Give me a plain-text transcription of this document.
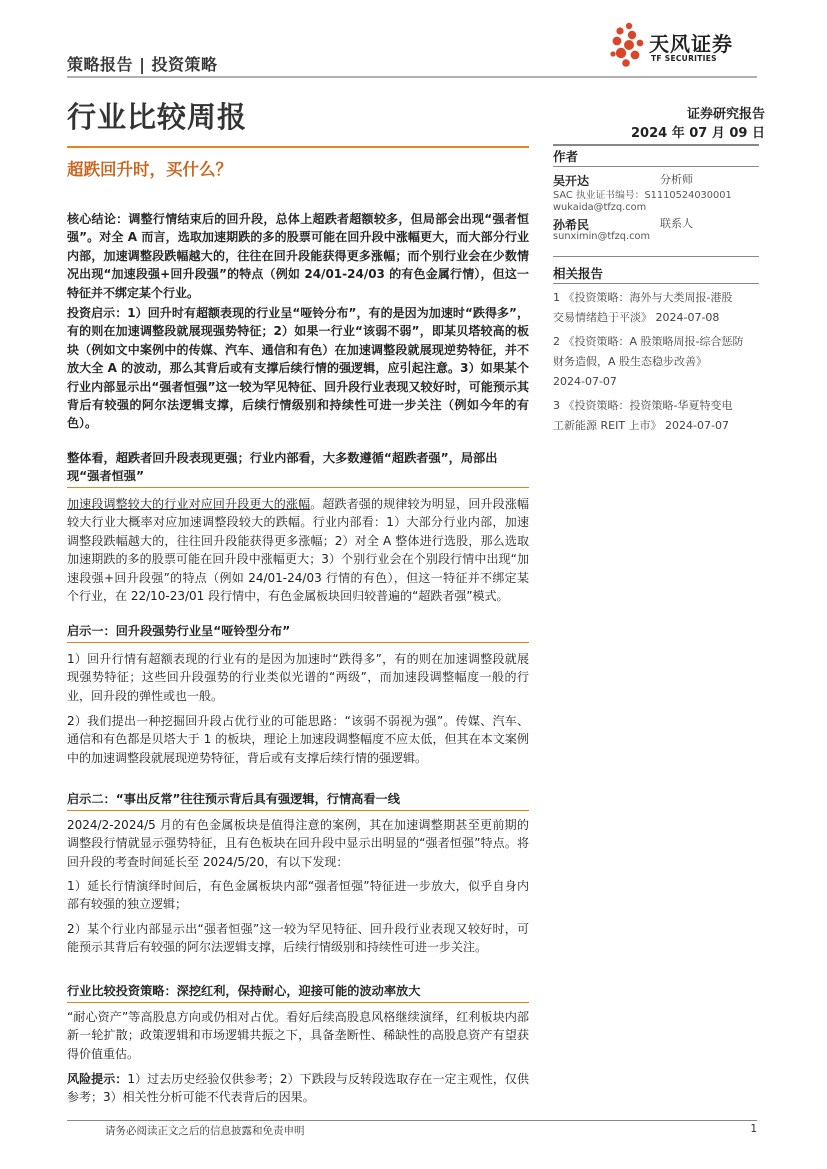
策略报告 | 投资策略
天风证券
TF SECURITIES
行业比较周报	证券研究报告
2024 年 07 月 09 日
超跌回升时，买什么？
作者
吴开达	分析师
SAC 执业证书编号：S1110524030001
wukaida@tfzq.com
孙希民	联系人
sunximin@tfzq.com
相关报告
1 《投资策略：海外与大类周报-港股
交易情绪趋于平淡》 2024-07-08
2 《投资策略：A 股策略周报-综合惩防
财务造假，A 股生态稳步改善》
2024-07-07
3 《投资策略：投资策略-华夏特变电
工新能源 REIT 上市》 2024-07-07
核心结论：调整行情结束后的回升段，总体上超跌者超额较多，但局部会出现“强者恒强”。对全 A 而言，选取加速期跌的多的股票可能在回升段中涨幅更大，而大部分行业内部，加速调整段跌幅越大的，往往在回升段能获得更多涨幅；而个别行业会在少数情况出现“加速段强+回升段强”的特点（例如 24/01-24/03 的有色金属行情），但这一特征并不绑定某个行业。
投资启示：1）回升时有超额表现的行业呈“哑铃分布”，有的是因为加速时“跌得多”，有的则在加速调整段就展现强势特征；2）如果一行业“该弱不弱”，即某贝塔较高的板块（例如文中案例中的传媒、汽车、通信和有色）在加速调整段就展现逆势特征，并不放大全 A 的波动，那么其背后或有支撑后续行情的强逻辑，应引起注意。3）如果某个行业内部显示出“强者恒强”这一较为罕见特征、回升段行业表现又较好时，可能预示其背后有较强的阿尔法逻辑支撑，后续行情级别和持续性可进一步关注（例如今年的有色）。
整体看，超跌者回升段表现更强；行业内部看，大多数遵循“超跌者强”，局部出现“强者恒强”
加速段调整较大的行业对应回升段更大的涨幅。超跌者强的规律较为明显，回升段涨幅较大行业大概率对应加速调整段较大的跌幅。行业内部看：1）大部分行业内部，加速调整段跌幅越大的，往往回升段能获得更多涨幅；2）对全 A 整体进行选股，那么选取加速期跌的多的股票可能在回升段中涨幅更大；3）个别行业会在个别段行情中出现“加速段强+回升段强”的特点（例如 24/01-24/03 行情的有色），但这一特征并不绑定某个行业，在 22/10-23/01 段行情中，有色金属板块回归较普遍的“超跌者强”模式。
启示一：回升段强势行业呈“哑铃型分布”
1）回升行情有超额表现的行业有的是因为加速时“跌得多”，有的则在加速调整段就展现强势特征；这些回升段强势的行业类似光谱的“两级”，而加速段调整幅度一般的行业，回升段的弹性或也一般。
2）我们提出一种挖掘回升段占优行业的可能思路：“该弱不弱视为强”。传媒、汽车、通信和有色都是贝塔大于 1 的板块，理论上加速段调整幅度不应太低，但其在本文案例中的加速调整段就展现逆势特征，背后或有支撑后续行情的强逻辑。
启示二：“事出反常”往往预示背后具有强逻辑，行情高看一线
2024/2-2024/5 月的有色金属板块是值得注意的案例，其在加速调整期甚至更前期的调整段行情就显示强势特征，且有色板块在回升段中显示出明显的“强者恒强”特点。将回升段的考查时间延长至 2024/5/20，有以下发现：
1）延长行情演绎时间后，有色金属板块内部“强者恒强”特征进一步放大，似乎自身内部有较强的独立逻辑；
2）某个行业内部显示出“强者恒强”这一较为罕见特征、回升段行业表现又较好时，可能预示其背后有较强的阿尔法逻辑支撑，后续行情级别和持续性可进一步关注。
行业比较投资策略：深挖红利，保持耐心，迎接可能的波动率放大
“耐心资产”等高股息方向或仍相对占优。看好后续高股息风格继续演绎，红利板块内部新一轮扩散；政策逻辑和市场逻辑共振之下，具备垄断性、稀缺性的高股息资产有望获得价值重估。
风险提示：1）过去历史经验仅供参考；2）下跌段与反转段选取存在一定主观性，仅供参考；3）相关性分析可能不代表背后的因果。
请务必阅读正文之后的信息披露和免责申明	1
